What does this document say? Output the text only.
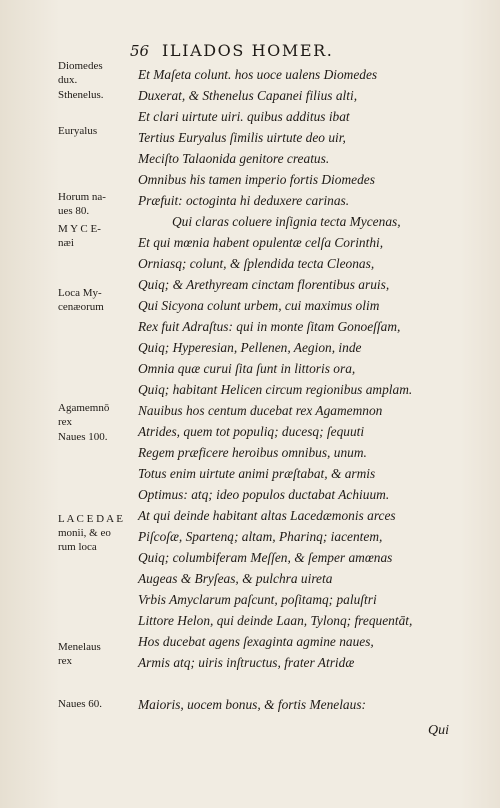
56 ILIADOS HOMER.
Diomedes
dux.
Sthenelus.
Euryalus
Horum na-
ues 80.
M Y C E-
næi
Loca My-
cenæorum
Agamemnō
rex
Naues 100.
L A C E D A E
monii, & eo
rum loca
Menelaus
rex
Naues 60.
Et Maſeta colunt. hos uoce ualens Diomedes
Duxerat, & Sthenelus Capanei filius alti,
Et clari uirtute uiri. quibus additus ibat
Tertius Euryalus ſimilis uirtute deo uir,
Meciſto Talaonida genitore creatus.
Omnibus his tamen imperio fortis Diomedes
Præfuit: octoginta hi deduxere carinas.
Qui claras coluere inſignia tecta Mycenas,
Et qui mœnia habent opulentæ celſa Corinthi,
Orniasq; colunt, & ſplendida tecta Cleonas,
Quiq; & Arethyream cinctam florentibus aruis,
Qui Sicyona colunt urbem, cui maximus olim
Rex fuit Adraſtus: qui in monte ſitam Gonoeſſam,
Quiq; Hyperesian, Pellenen, Aegion, inde
Omnia quæ curui ſita ſunt in littoris ora,
Quiq; habitant Helicen circum regionibus amplam.
Nauibus hos centum ducebat rex Agamemnon
Atrides, quem tot populiq; ducesq; ſequuti
Regem præficere heroibus omnibus, unum.
Totus enim uirtute animi præſtabat, & armis
Optimus: atq; ideo populos ductabat Achiuum.
At qui deinde habitant altas Lacedæmonis arces
Piſcoſæ, Sparteną; altam, Pharinq; iacentem,
Quiq; columbiferam Meſſen, & ſemper amœnas
Augeas & Bryſeas, & pulchra uireta
Vrbis Amyclarum paſcunt, poſitamq; paluſtri
Littore Helon, qui deinde Laan, Tylonq; frequentāt,
Hos ducebat agens ſexaginta agmine naues,
Armis atq; uiris inſtructus, frater Atridæ
Maioris, uocem bonus, & fortis Menelaus:
Qui
